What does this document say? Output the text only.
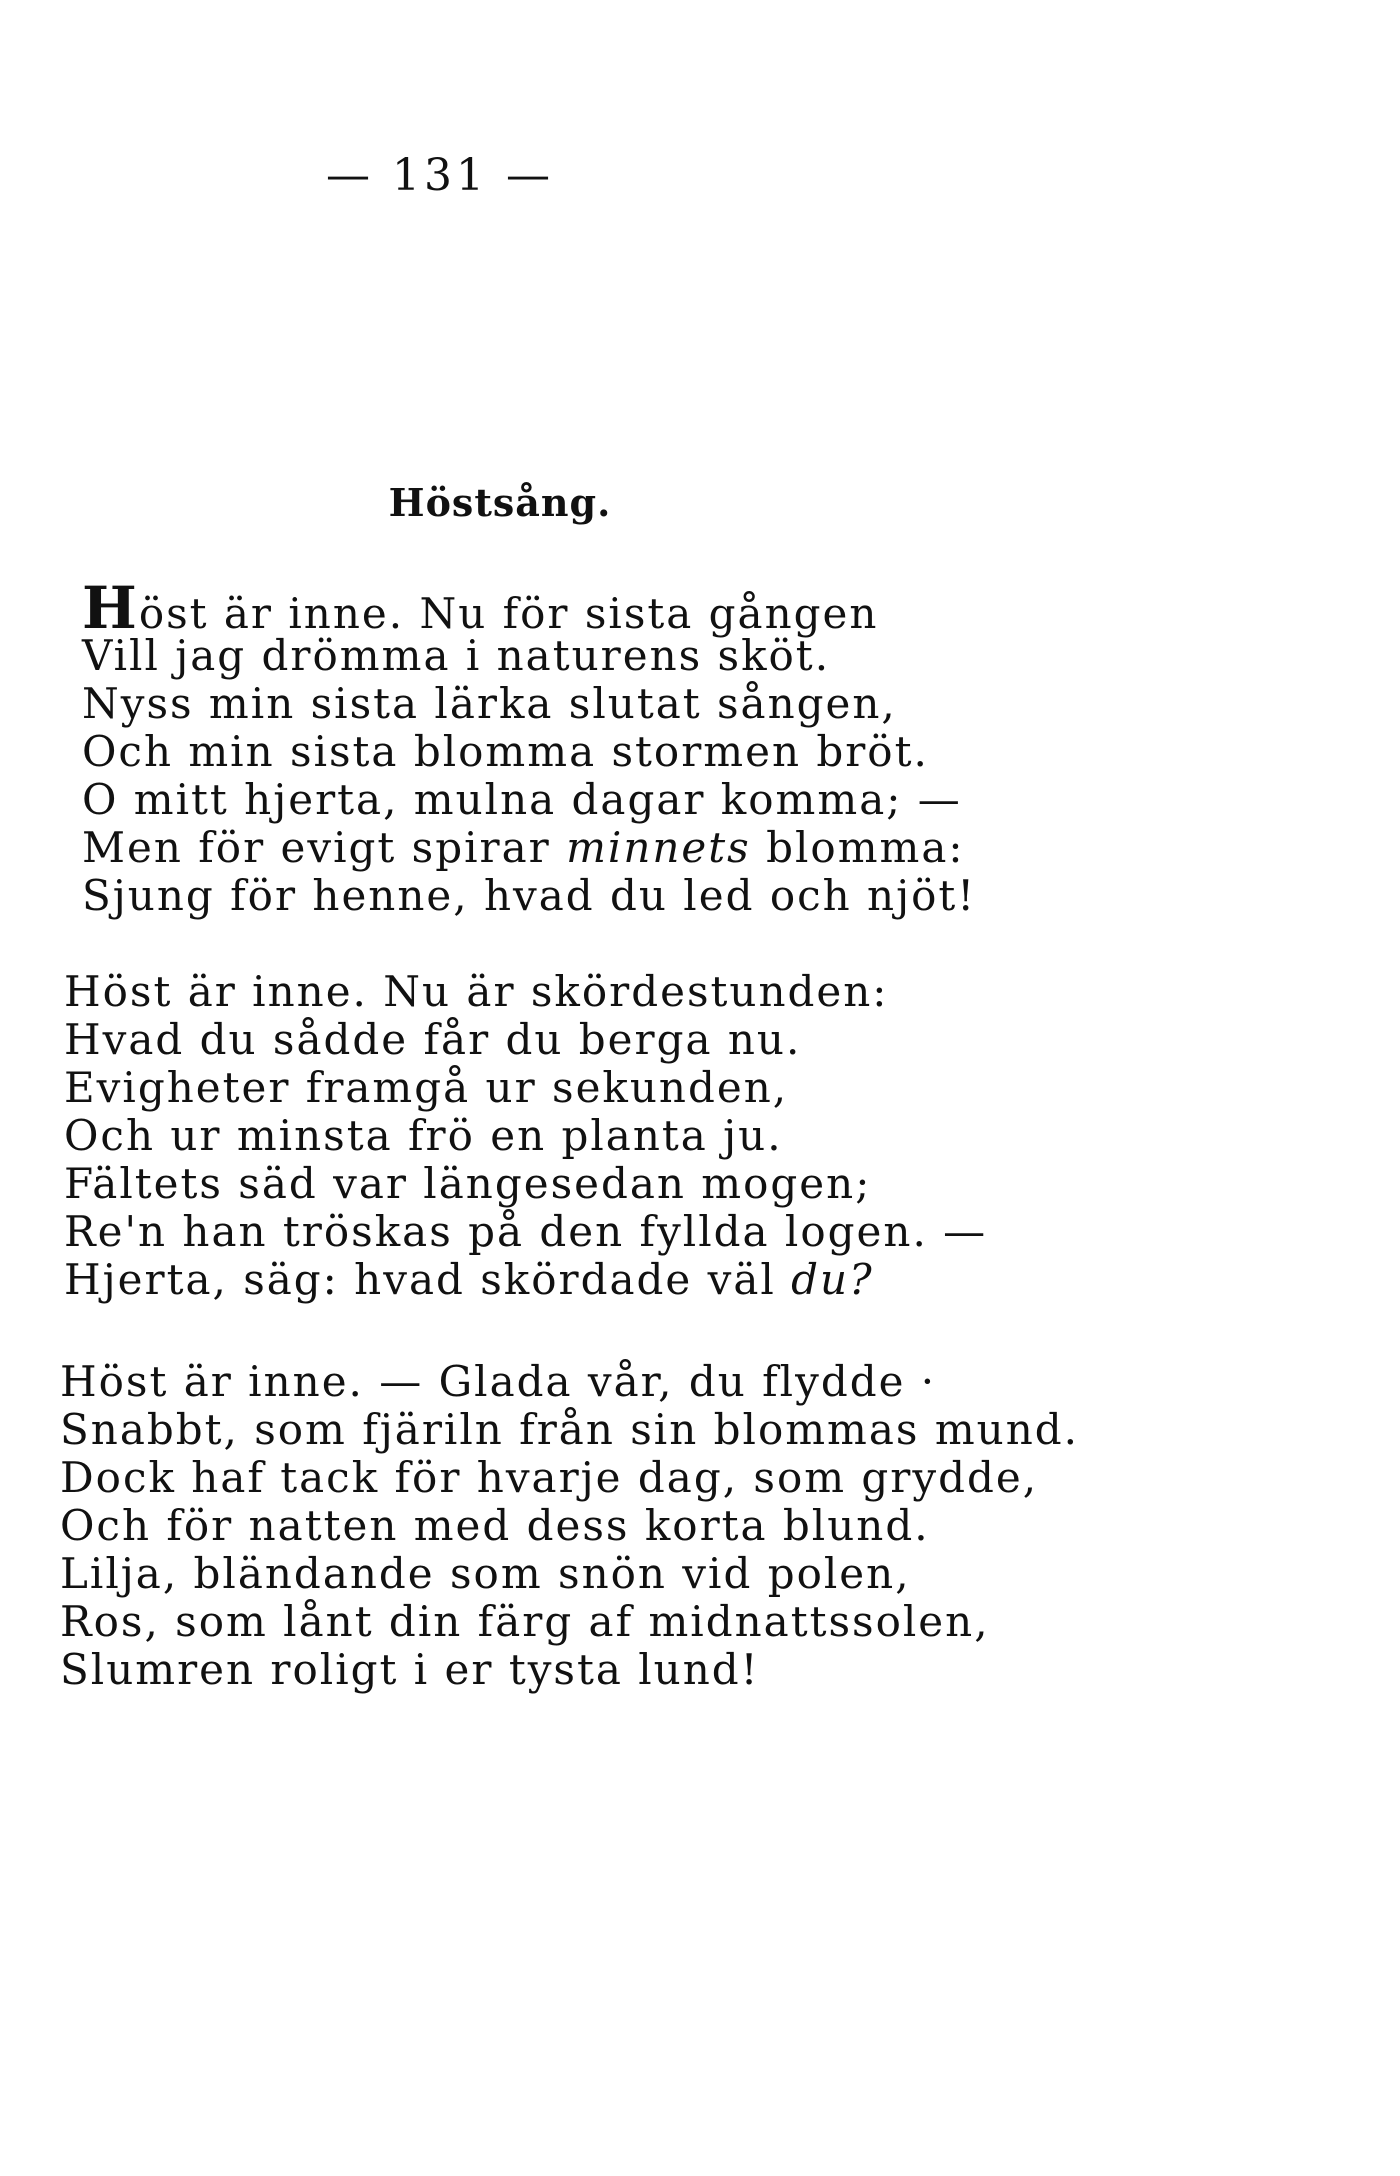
— 131 —
Höstsång.
Höst är inne. Nu för sista gången
Vill jag drömma i naturens sköt.
Nyss min sista lärka slutat sången,
Och min sista blomma stormen bröt.
O mitt hjerta, mulna dagar komma; —
Men för evigt spirar minnets blomma:
Sjung för henne, hvad du led och njöt!
Höst är inne. Nu är skördestunden:
Hvad du sådde får du berga nu.
Evigheter framgå ur sekunden,
Och ur minsta frö en planta ju.
Fältets säd var längesedan mogen;
Re'n han tröskas på den fyllda logen. —
Hjerta, säg: hvad skördade väl du?
Höst är inne. — Glada vår, du flydde ·
Snabbt, som fjäriln från sin blommas mund.
Dock haf tack för hvarje dag, som grydde,
Och för natten med dess korta blund.
Lilja, bländande som snön vid polen,
Ros, som lånt din färg af midnattssolen,
Slumren roligt i er tysta lund!
